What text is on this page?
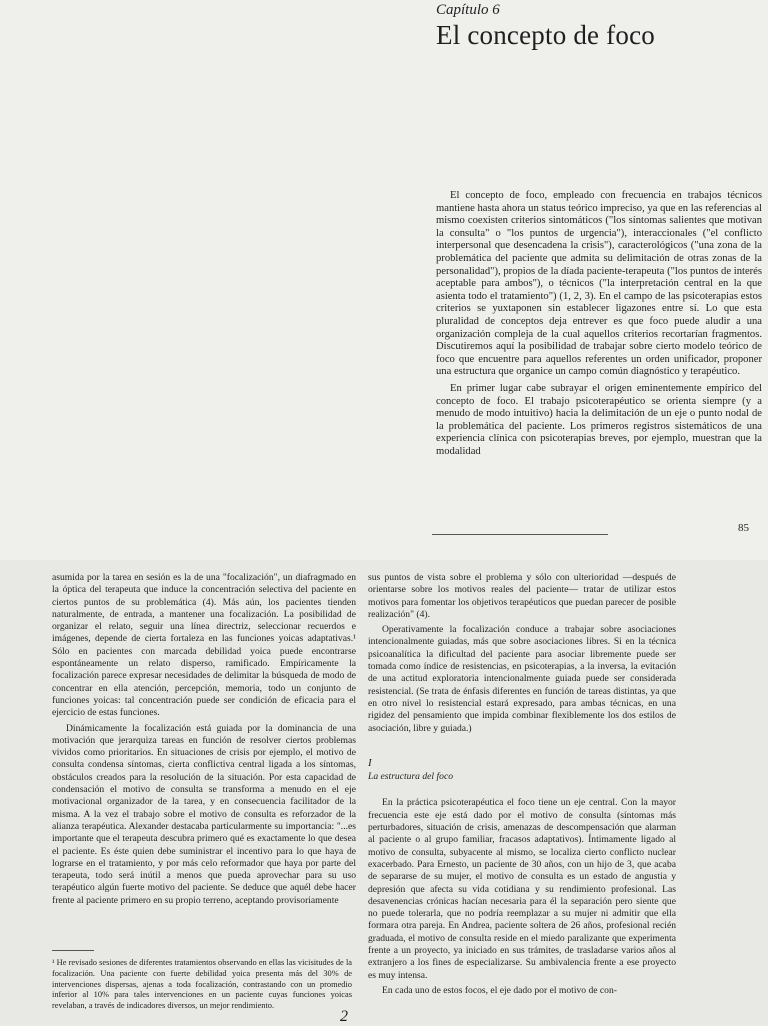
Capítulo 6
El concepto de foco

El concepto de foco, empleado con frecuencia en trabajos técnicos mantiene hasta ahora un status teórico impreciso, ya que en las referencias al mismo coexisten criterios sintomáticos ("los síntomas salientes que motivan la consulta" o "los puntos de urgencia"), interaccionales ("el conflicto interpersonal que desencadena la crisis"), caracterológicos ("una zona de la problemática del paciente que admita su delimitación de otras zonas de la personalidad"), propios de la díada paciente-terapeuta ("los puntos de interés aceptable para ambos"), o técnicos ("la interpretación central en la que asienta todo el tratamiento") (1, 2, 3). En el campo de las psicoterapias estos criterios se yuxtaponen sin establecer ligazones entre sí. Lo que esta pluralidad de conceptos deja entrever es que foco puede aludir a una organización compleja de la cual aquellos criterios recortarían fragmentos. Discutiremos aquí la posibilidad de trabajar sobre cierto modelo teórico de foco que encuentre para aquellos referentes un orden unificador, proponer una estructura que organice un campo común diagnóstico y terapéutico.

En primer lugar cabe subrayar el origen eminentemente empírico del concepto de foco. El trabajo psicoterapéutico se orienta siempre (y a menudo de modo intuitivo) hacia la delimitación de un eje o punto nodal de la problemática del paciente. Los primeros registros sistemáticos de una experiencia clínica con psicoterapias breves, por ejemplo, muestran que la modalidad

85

asumida por la tarea en sesión es la de una "focalización", un diafragmado en la óptica del terapeuta que induce la concentración selectiva del paciente en ciertos puntos de su problemática (4). Más aún, los pacientes tienden naturalmente, de entrada, a mantener una focalización. La posibilidad de organizar el relato, seguir una línea directriz, seleccionar recuerdos e imágenes, depende de cierta fortaleza en las funciones yoicas adaptativas.¹ Sólo en pacientes con marcada debilidad yoica puede encontrarse espontáneamente un relato disperso, ramificado. Empíricamente la focalización parece expresar necesidades de delimitar la búsqueda de modo de concentrar en ella atención, percepción, memoria, todo un conjunto de funciones yoicas: tal concentración puede ser condición de eficacia para el ejercicio de estas funciones.

Dinámicamente la focalización está guiada por la dominancia de una motivación que jerarquiza tareas en función de resolver ciertos problemas vividos como prioritarios. En situaciones de crisis por ejemplo, el motivo de consulta condensa síntomas, cierta conflictiva central ligada a los síntomas, obstáculos creados para la resolución de la situación. Por esta capacidad de condensación el motivo de consulta se transforma a menudo en el eje motivacional organizador de la tarea, y en consecuencia facilitador de la misma. A la vez el trabajo sobre el motivo de consulta es reforzador de la alianza terapéutica. Alexander destacaba particularmente su importancia: "...es importante que el terapeuta descubra primero qué es exactamente lo que desea el paciente. Es éste quien debe suministrar el incentivo para lo que haya de lograrse en el tratamiento, y por más celo reformador que haya por parte del terapeuta, todo será inútil a menos que pueda aprovechar para su uso terapéutico algún fuerte motivo del paciente. Se deduce que aquél debe hacer frente al paciente primero en su propio terreno, aceptando provisoriamente

sus puntos de vista sobre el problema y sólo con ulterioridad —después de orientarse sobre los motivos reales del paciente— tratar de utilizar estos motivos para fomentar los objetivos terapéuticos que puedan parecer de posible realización" (4).

Operativamente la focalización conduce a trabajar sobre asociaciones intencionalmente guiadas, más que sobre asociaciones libres. Si en la técnica psicoanalítica la dificultad del paciente para asociar libremente puede ser tomada como índice de resistencias, en psicoterapias, a la inversa, la evitación de una actitud exploratoria intencionalmente guiada puede ser considerada resistencial. (Se trata de énfasis diferentes en función de tareas distintas, ya que en otro nivel lo resistencial estará expresado, para ambas técnicas, en una rigidez del pensamiento que impida combinar flexiblemente los dos estilos de asociación, libre y guiada.)

I
La estructura del foco

En la práctica psicoterapéutica el foco tiene un eje central. Con la mayor frecuencia este eje está dado por el motivo de consulta (síntomas más perturbadores, situación de crisis, amenazas de descompensación que alarman al paciente o al grupo familiar, fracasos adaptativos). Íntimamente ligado al motivo de consulta, subyacente al mismo, se localiza cierto conflicto nuclear exacerbado. Para Ernesto, un paciente de 30 años, con un hijo de 3, que acaba de separarse de su mujer, el motivo de consulta es un estado de angustia y depresión que afecta su vida cotidiana y su rendimiento profesional. Las desavenencias crónicas hacían necesaria para él la separación pero siente que no puede tolerarla, que no podría reemplazar a su mujer ni admitir que ella formara otra pareja. En Andrea, paciente soltera de 26 años, profesional recién graduada, el motivo de consulta reside en el miedo paralizante que experimenta frente a un proyecto, ya iniciado en sus trámites, de trasladarse varios años al extranjero a los fines de especializarse. Su ambivalencia frente a ese proyecto es muy intensa.

En cada uno de estos focos, el eje dado por el motivo de con-

¹ He revisado sesiones de diferentes tratamientos observando en ellas las vicisitudes de la focalización. Una paciente con fuerte debilidad yoica presenta más del 30% de intervenciones dispersas, ajenas a toda focalización, contrastando con un promedio inferior al 10% para tales intervenciones en un paciente cuyas funciones yoicas revelaban, a través de indicadores diversos, un mejor rendimiento.
2
